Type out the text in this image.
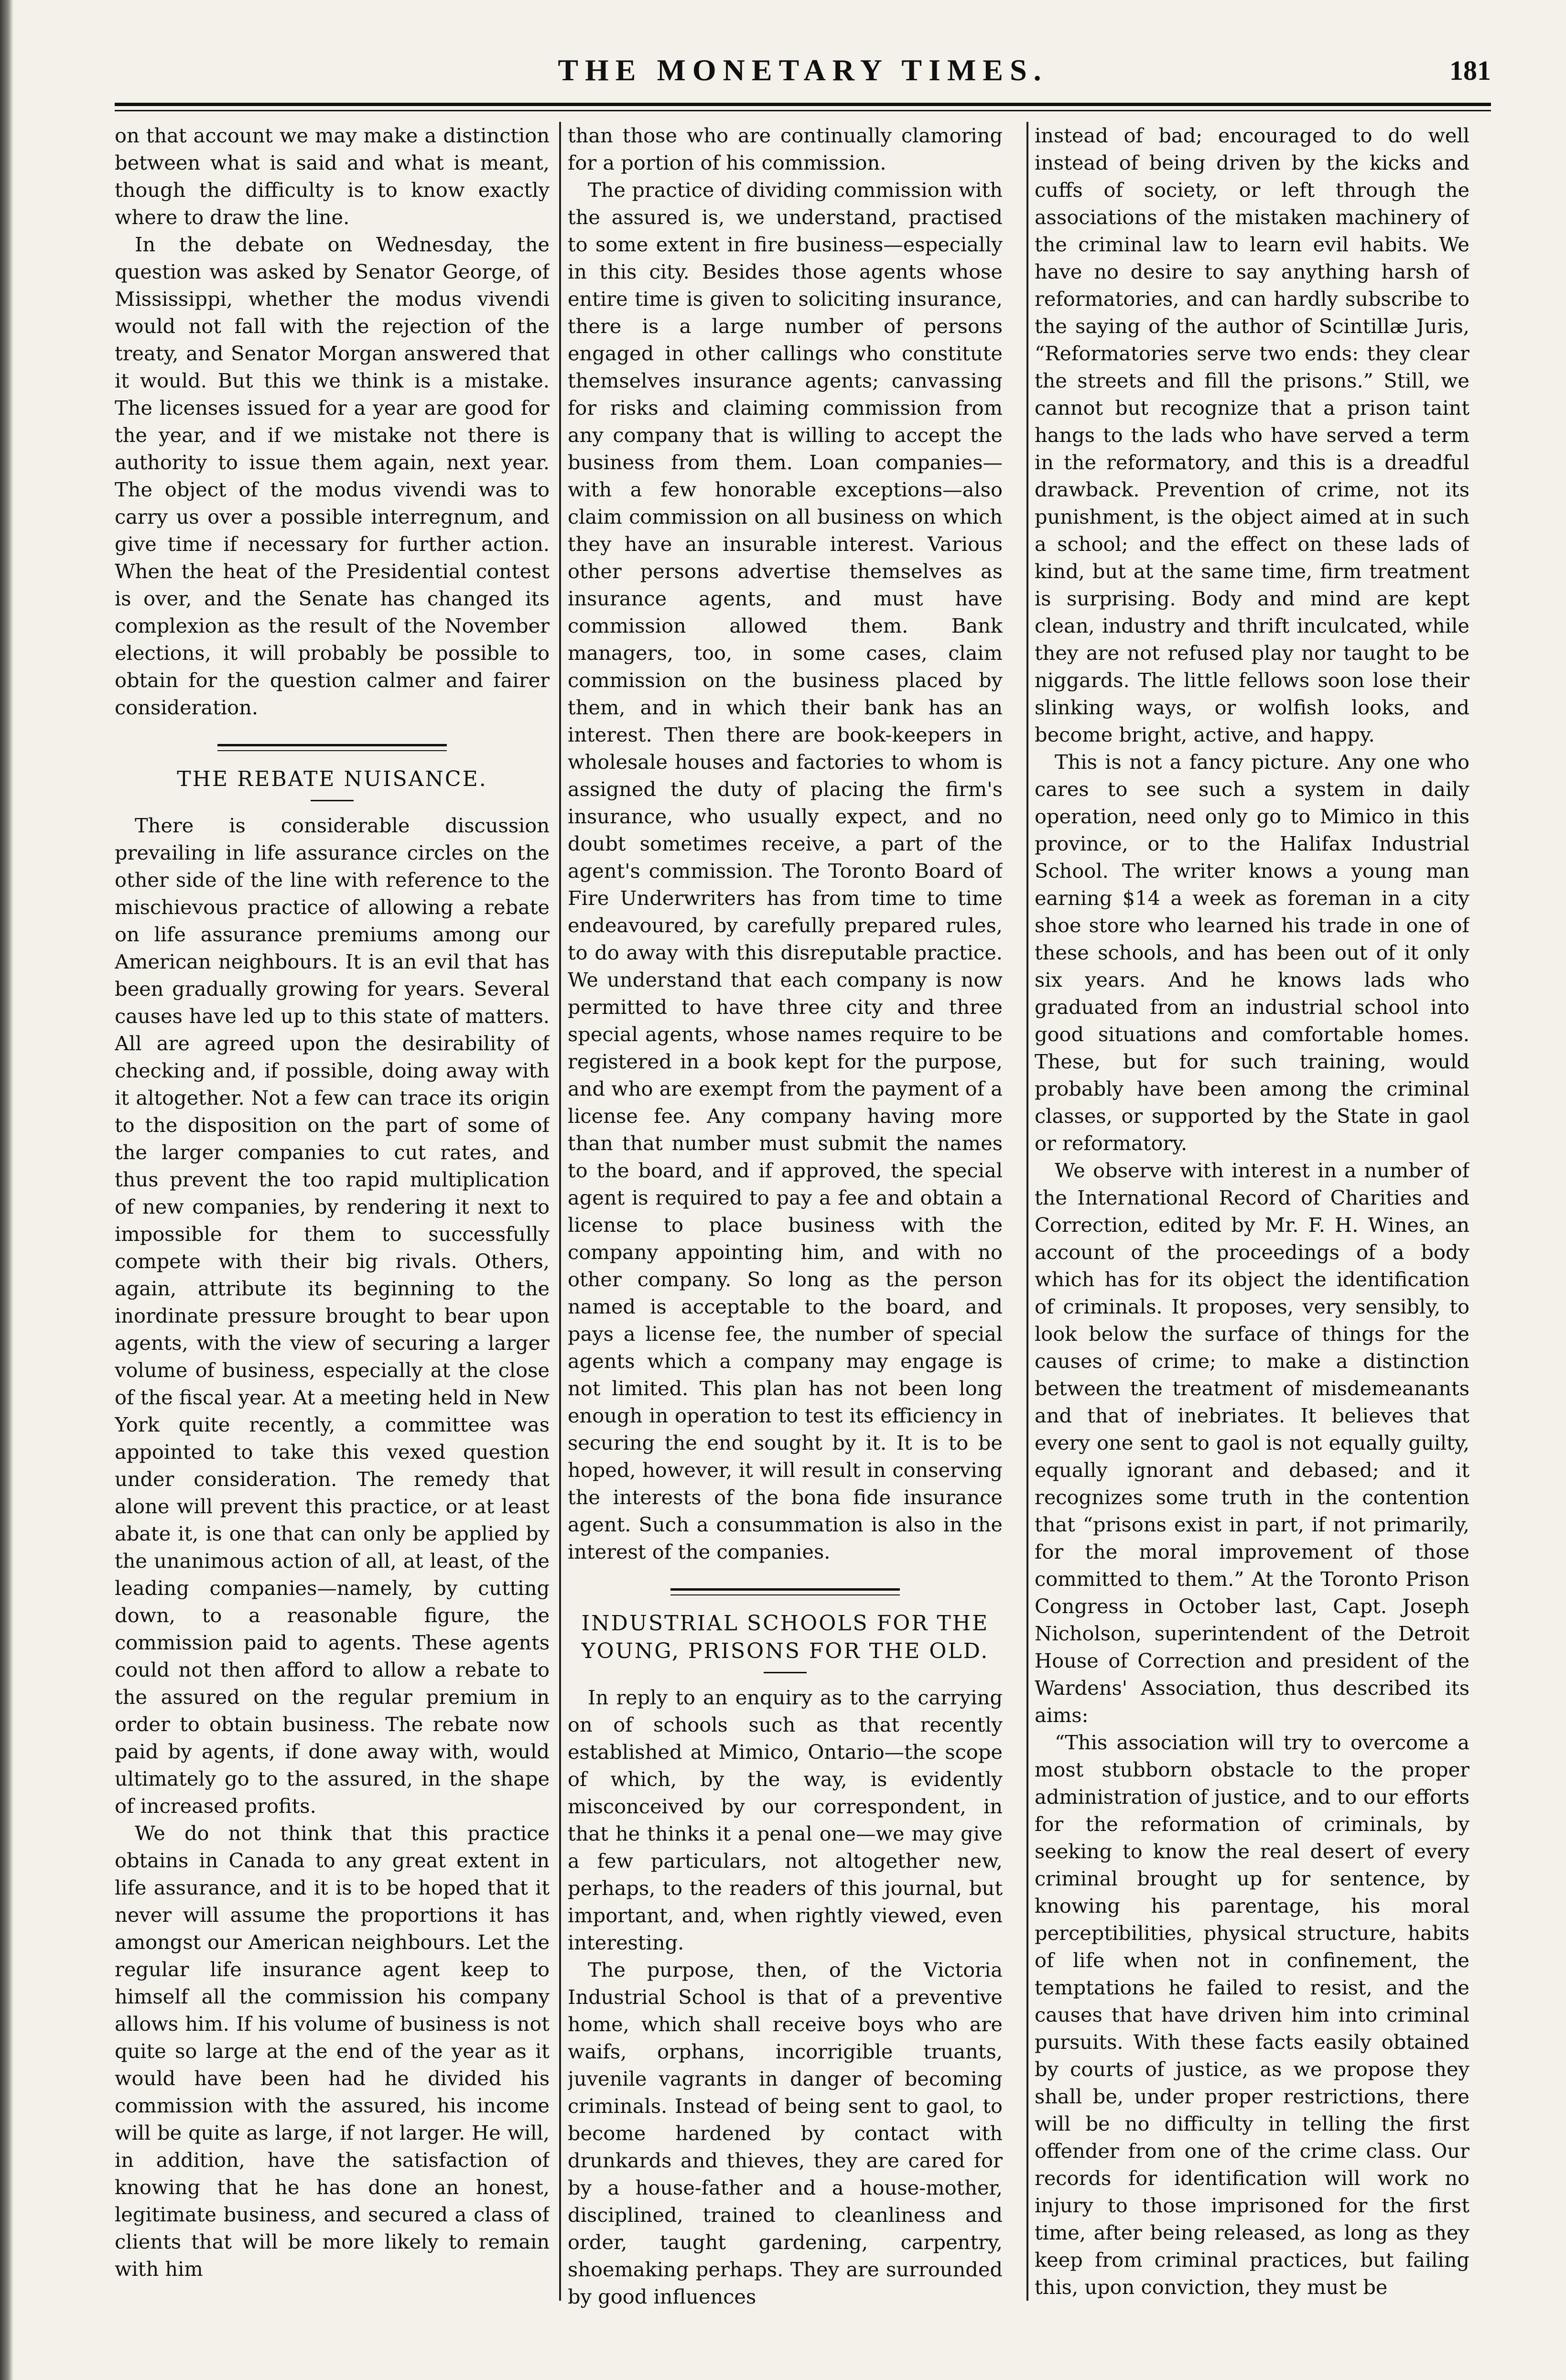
THE MONETARY TIMES.	181

on that account we may make a distinction between what is said and what is meant, though the difficulty is to know exactly where to draw the line.

In the debate on Wednesday, the question was asked by Senator George, of Mississippi, whether the modus vivendi would not fall with the rejection of the treaty, and Senator Morgan answered that it would. But this we think is a mistake. The licenses issued for a year are good for the year, and if we mistake not there is authority to issue them again, next year. The object of the modus vivendi was to carry us over a possible interregnum, and give time if necessary for further action. When the heat of the Presidential contest is over, and the Senate has changed its complexion as the result of the November elections, it will probably be possible to obtain for the question calmer and fairer consideration.

THE REBATE NUISANCE.

There is considerable discussion prevailing in life assurance circles on the other side of the line with reference to the mischievous practice of allowing a rebate on life assurance premiums among our American neighbours. It is an evil that has been gradually growing for years. Several causes have led up to this state of matters. All are agreed upon the desirability of checking and, if possible, doing away with it altogether. Not a few can trace its origin to the disposition on the part of some of the larger companies to cut rates, and thus prevent the too rapid multiplication of new companies, by rendering it next to impossible for them to successfully compete with their big rivals. Others, again, attribute its beginning to the inordinate pressure brought to bear upon agents, with the view of securing a larger volume of business, especially at the close of the fiscal year. At a meeting held in New York quite recently, a committee was appointed to take this vexed question under consideration. The remedy that alone will prevent this practice, or at least abate it, is one that can only be applied by the unanimous action of all, at least, of the leading companies—namely, by cutting down, to a reasonable figure, the commission paid to agents. These agents could not then afford to allow a rebate to the assured on the regular premium in order to obtain business. The rebate now paid by agents, if done away with, would ultimately go to the assured, in the shape of increased profits.

We do not think that this practice obtains in Canada to any great extent in life assurance, and it is to be hoped that it never will assume the proportions it has amongst our American neighbours. Let the regular life insurance agent keep to himself all the commission his company allows him. If his volume of business is not quite so large at the end of the year as it would have been had he divided his commission with the assured, his income will be quite as large, if not larger. He will, in addition, have the satisfaction of knowing that he has done an honest, legitimate business, and secured a class of clients that will be more likely to remain with him

than those who are continually clamoring for a portion of his commission.

The practice of dividing commission with the assured is, we understand, practised to some extent in fire business—especially in this city. Besides those agents whose entire time is given to soliciting insurance, there is a large number of persons engaged in other callings who constitute themselves insurance agents; canvassing for risks and claiming commission from any company that is willing to accept the business from them. Loan companies—with a few honorable exceptions—also claim commission on all business on which they have an insurable interest. Various other persons advertise themselves as insurance agents, and must have commission allowed them. Bank managers, too, in some cases, claim commission on the business placed by them, and in which their bank has an interest. Then there are book-keepers in wholesale houses and factories to whom is assigned the duty of placing the firm's insurance, who usually expect, and no doubt sometimes receive, a part of the agent's commission. The Toronto Board of Fire Underwriters has from time to time endeavoured, by carefully prepared rules, to do away with this disreputable practice. We understand that each company is now permitted to have three city and three special agents, whose names require to be registered in a book kept for the purpose, and who are exempt from the payment of a license fee. Any company having more than that number must submit the names to the board, and if approved, the special agent is required to pay a fee and obtain a license to place business with the company appointing him, and with no other company. So long as the person named is acceptable to the board, and pays a license fee, the number of special agents which a company may engage is not limited. This plan has not been long enough in operation to test its efficiency in securing the end sought by it. It is to be hoped, however, it will result in conserving the interests of the bona fide insurance agent. Such a consummation is also in the interest of the companies.

INDUSTRIAL SCHOOLS FOR THE

YOUNG, PRISONS FOR THE OLD.

In reply to an enquiry as to the carrying on of schools such as that recently established at Mimico, Ontario—the scope of which, by the way, is evidently misconceived by our correspondent, in that he thinks it a penal one—we may give a few particulars, not altogether new, perhaps, to the readers of this journal, but important, and, when rightly viewed, even interesting.

The purpose, then, of the Victoria Industrial School is that of a preventive home, which shall receive boys who are waifs, orphans, incorrigible truants, juvenile vagrants in danger of becoming criminals. Instead of being sent to gaol, to become hardened by contact with drunkards and thieves, they are cared for by a house-father and a house-mother, disciplined, trained to cleanliness and order, taught gardening, carpentry, shoemaking perhaps. They are surrounded by good influences

instead of bad; encouraged to do well instead of being driven by the kicks and cuffs of society, or left through the associations of the mistaken machinery of the criminal law to learn evil habits. We have no desire to say anything harsh of reformatories, and can hardly subscribe to the saying of the author of Scintillæ Juris, “Reformatories serve two ends: they clear the streets and fill the prisons.” Still, we cannot but recognize that a prison taint hangs to the lads who have served a term in the reformatory, and this is a dreadful drawback. Prevention of crime, not its punishment, is the object aimed at in such a school; and the effect on these lads of kind, but at the same time, firm treatment is surprising. Body and mind are kept clean, industry and thrift inculcated, while they are not refused play nor taught to be niggards. The little fellows soon lose their slinking ways, or wolfish looks, and become bright, active, and happy.

This is not a fancy picture. Any one who cares to see such a system in daily operation, need only go to Mimico in this province, or to the Halifax Industrial School. The writer knows a young man earning $14 a week as foreman in a city shoe store who learned his trade in one of these schools, and has been out of it only six years. And he knows lads who graduated from an industrial school into good situations and comfortable homes. These, but for such training, would probably have been among the criminal classes, or supported by the State in gaol or reformatory.

We observe with interest in a number of the International Record of Charities and Correction, edited by Mr. F. H. Wines, an account of the proceedings of a body which has for its object the identification of criminals. It proposes, very sensibly, to look below the surface of things for the causes of crime; to make a distinction between the treatment of misdemeanants and that of inebriates. It believes that every one sent to gaol is not equally guilty, equally ignorant and debased; and it recognizes some truth in the contention that “prisons exist in part, if not primarily, for the moral improvement of those committed to them.” At the Toronto Prison Congress in October last, Capt. Joseph Nicholson, superintendent of the Detroit House of Correction and president of the Wardens' Association, thus described its aims:

“This association will try to overcome a most stubborn obstacle to the proper administration of justice, and to our efforts for the reformation of criminals, by seeking to know the real desert of every criminal brought up for sentence, by knowing his parentage, his moral perceptibilities, physical structure, habits of life when not in confinement, the temptations he failed to resist, and the causes that have driven him into criminal pursuits. With these facts easily obtained by courts of justice, as we propose they shall be, under proper restrictions, there will be no difficulty in telling the first offender from one of the crime class. Our records for identification will work no injury to those imprisoned for the first time, after being released, as long as they keep from criminal practices, but failing this, upon conviction, they must be
